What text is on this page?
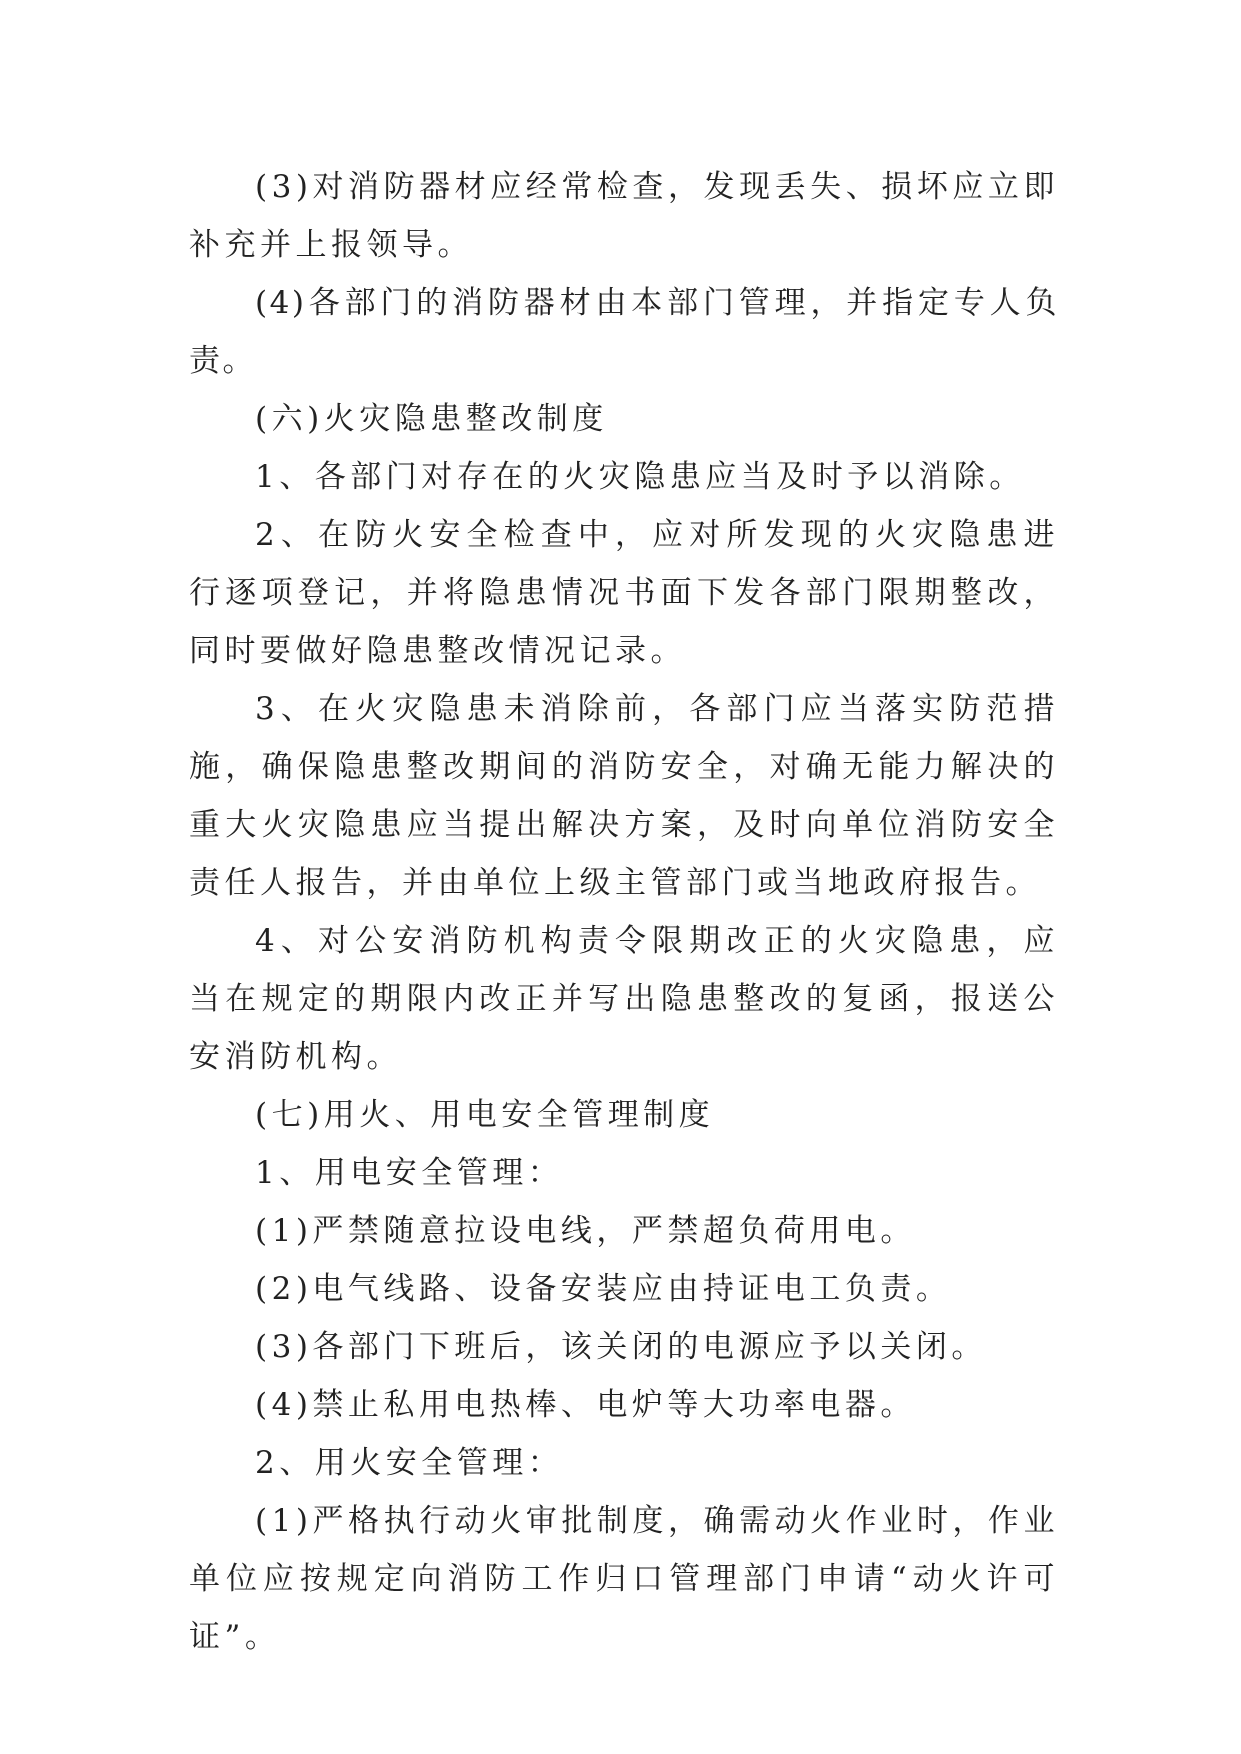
(3)对消防器材应经常检查，发现丢失、损坏应立即补充并上报领导。

(4)各部门的消防器材由本部门管理，并指定专人负责。

(六)火灾隐患整改制度

1、各部门对存在的火灾隐患应当及时予以消除。

2、在防火安全检查中，应对所发现的火灾隐患进行逐项登记，并将隐患情况书面下发各部门限期整改，同时要做好隐患整改情况记录。

3、在火灾隐患未消除前，各部门应当落实防范措施，确保隐患整改期间的消防安全，对确无能力解决的重大火灾隐患应当提出解决方案，及时向单位消防安全责任人报告，并由单位上级主管部门或当地政府报告。

4、对公安消防机构责令限期改正的火灾隐患，应当在规定的期限内改正并写出隐患整改的复函，报送公安消防机构。

(七)用火、用电安全管理制度

1、用电安全管理：

(1)严禁随意拉设电线，严禁超负荷用电。

(2)电气线路、设备安装应由持证电工负责。

(3)各部门下班后，该关闭的电源应予以关闭。

(4)禁止私用电热棒、电炉等大功率电器。

2、用火安全管理：

(1)严格执行动火审批制度，确需动火作业时，作业单位应按规定向消防工作归口管理部门申请“动火许可证”。
